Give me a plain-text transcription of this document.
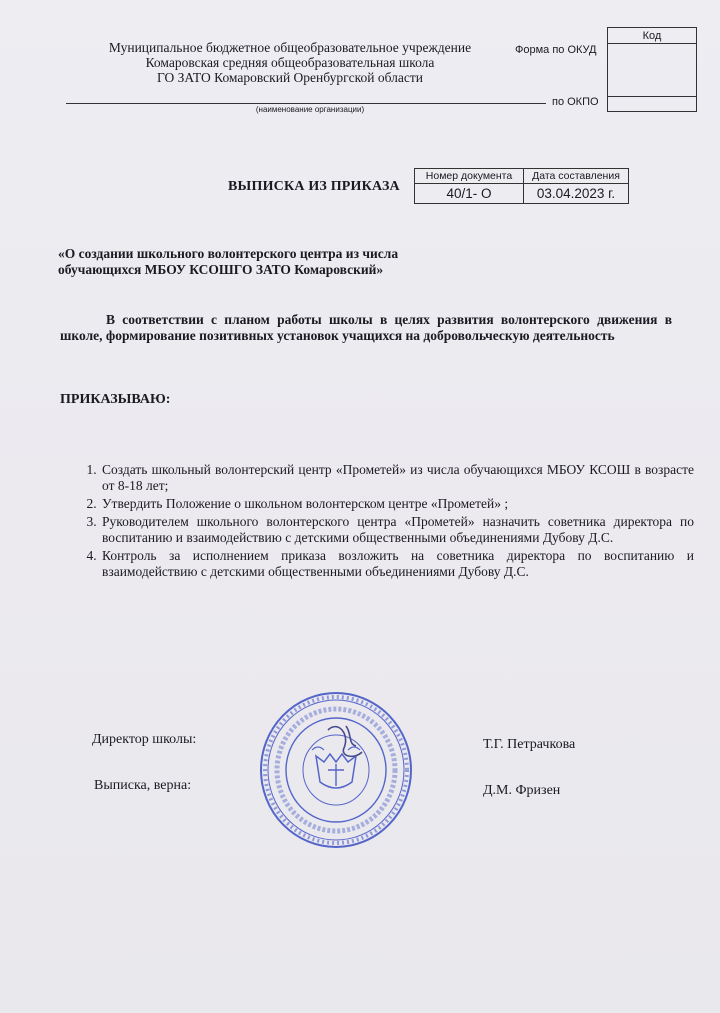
Муниципальное бюджетное общеобразовательное учреждение
Комаровская средняя общеобразовательная школа
ГО ЗАТО Комаровский Оренбургской области
(наименование организации)
Форма по ОКУД
по ОКПО
Код

ВЫПИСКА ИЗ ПРИКАЗА
Номер документа	Дата составления
40/1- О	03.04.2023 г.
«О создании школьного волонтерского центра из числа
обучающихся МБОУ КСОШГО ЗАТО Комаровский»
В соответствии с планом работы школы в целях развития волонтерского движения в школе, формирование позитивных установок учащихся на добровольческую деятельность
ПРИКАЗЫВАЮ:
1. Создать школьный волонтерский центр «Прометей» из числа обучающихся МБОУ КСОШ в возрасте от 8-18 лет;
2. Утвердить Положение о школьном волонтерском центре «Прометей» ;
3. Руководителем школьного волонтерского центра «Прометей» назначить советника директора по воспитанию и взаимодействию с детскими общественными объединениями Дубову Д.С.
4. Контроль за исполнением приказа возложить на советника директора по воспитанию и взаимодействию с детскими общественными объединениями Дубову Д.С.
Директор школы:	Т.Г. Петрачкова
Выписка, верна:	Д.М. Фризен
